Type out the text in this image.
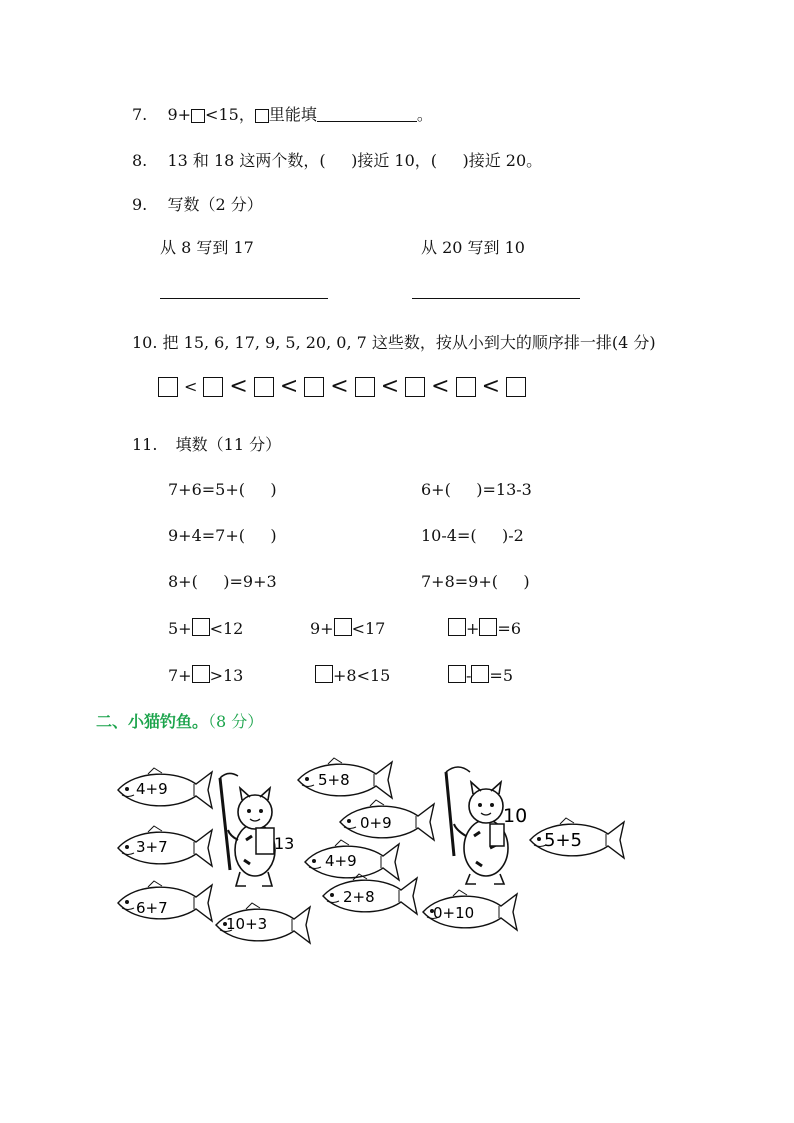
7. 9+ <15， 里能填	。
8. 13 和 18 这两个数，(     )接近 10，(     )接近 20。
9. 写数（2 分）
从 8 写到 17	从 20 写到 10
10. 把 15, 6, 17, 9, 5, 20, 0, 7 这些数，按从小到大的顺序排一排(4 分)
< < < < < < <
11. 填数（11 分）
7+6=5+(     )	6+(     )=13-3
9+4=7+(     )	10-4=(     )-2
8+(     )=9+3	7+8=9+(     )
5+ <12	9+ <17	+ =6
7+ >13	+8<15	- =5
二、小猫钓鱼。（8 分）
4+9
3+7
6+7
10+3
5+8
0+9
4+9
2+8
0+10
5+5
13
10
